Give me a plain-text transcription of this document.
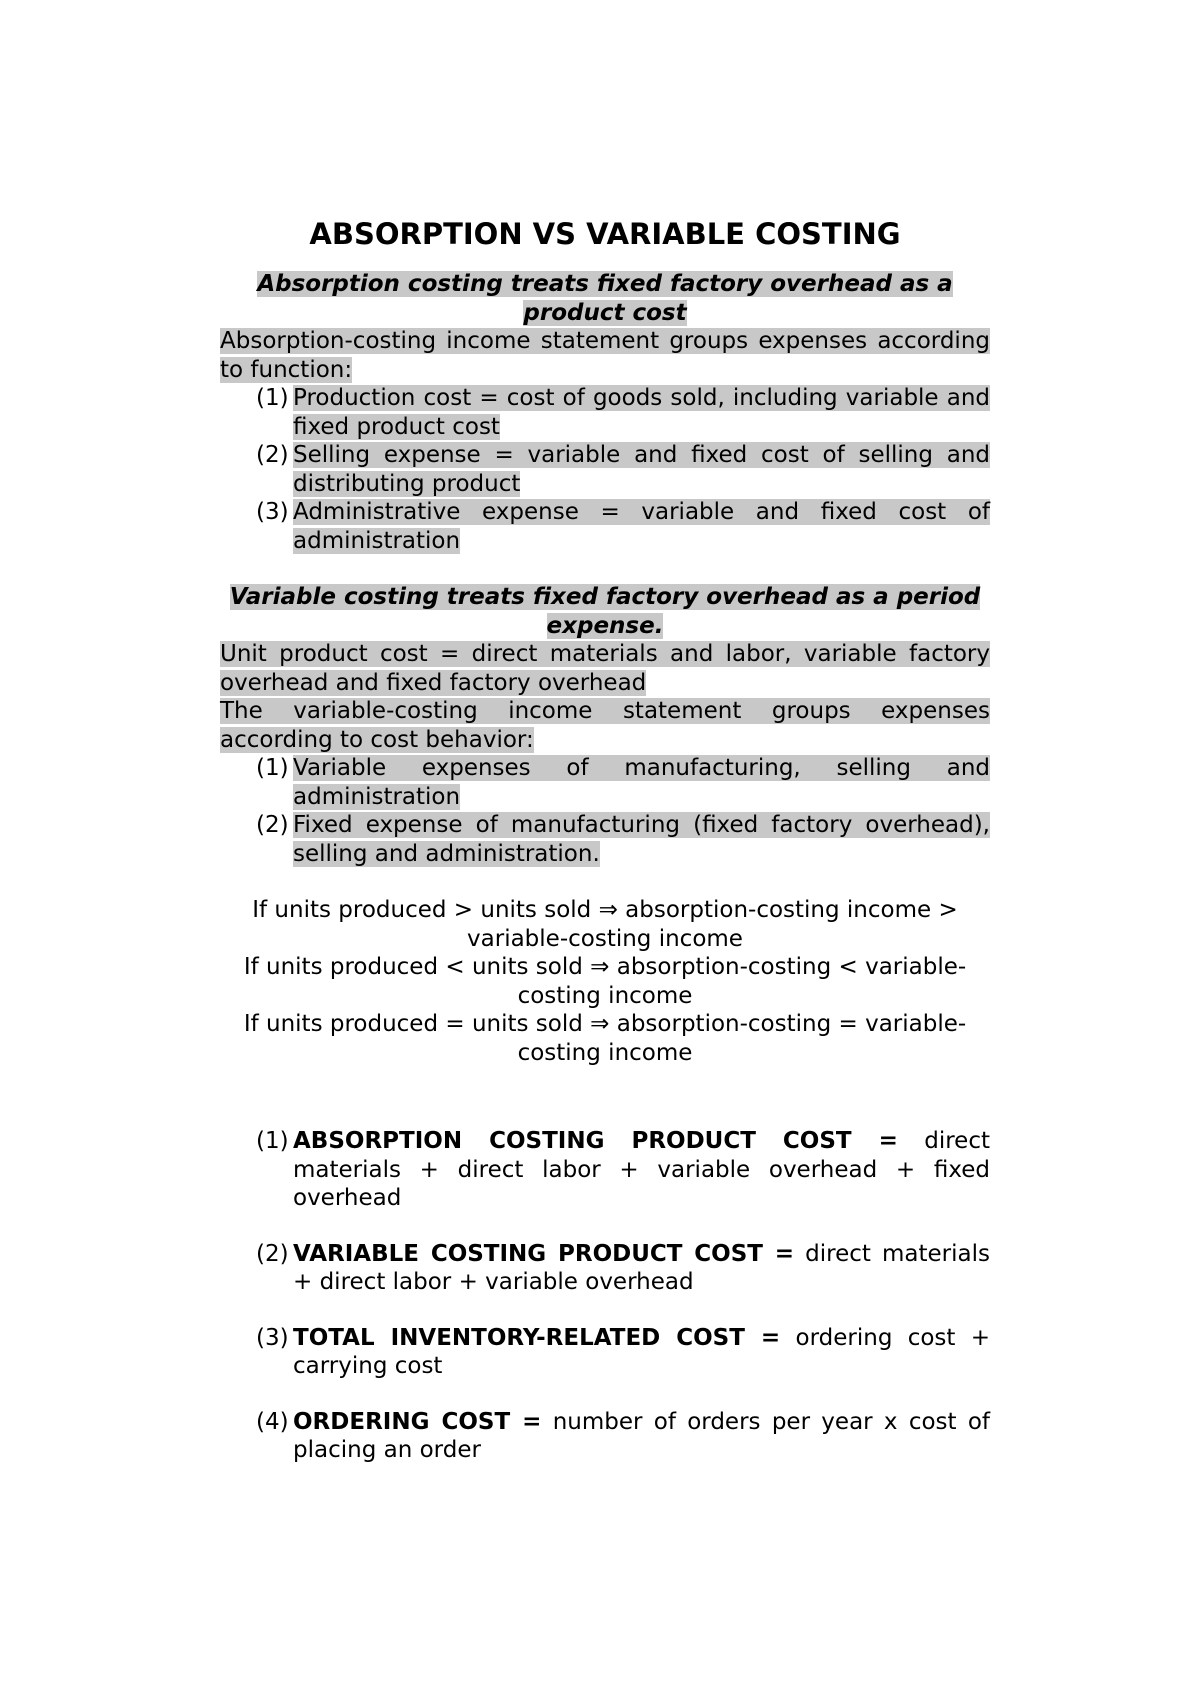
ABSORPTION VS VARIABLE COSTING

Absorption costing treats fixed factory overhead as a product cost

Absorption-costing income statement groups expenses according to function:

(1) Production cost = cost of goods sold, including variable and fixed product cost
(2) Selling expense = variable and fixed cost of selling and distributing product
(3) Administrative expense = variable and fixed cost of administration

Variable costing treats fixed factory overhead as a period expense.

Unit product cost = direct materials and labor, variable factory overhead and fixed factory overhead

The variable-costing income statement groups expenses according to cost behavior:

(1) Variable expenses of manufacturing, selling and administration
(2) Fixed expense of manufacturing (fixed factory overhead), selling and administration.

If units produced > units sold ⇒ absorption-costing income > variable-costing income

If units produced < units sold ⇒ absorption-costing < variable-costing income

If units produced = units sold ⇒ absorption-costing = variable-costing income

(1) ABSORPTION COSTING PRODUCT COST = direct materials + direct labor + variable overhead + fixed overhead
(2) VARIABLE COSTING PRODUCT COST = direct materials + direct labor + variable overhead
(3) TOTAL INVENTORY-RELATED COST = ordering cost + carrying cost
(4) ORDERING COST = number of orders per year x cost of placing an order
